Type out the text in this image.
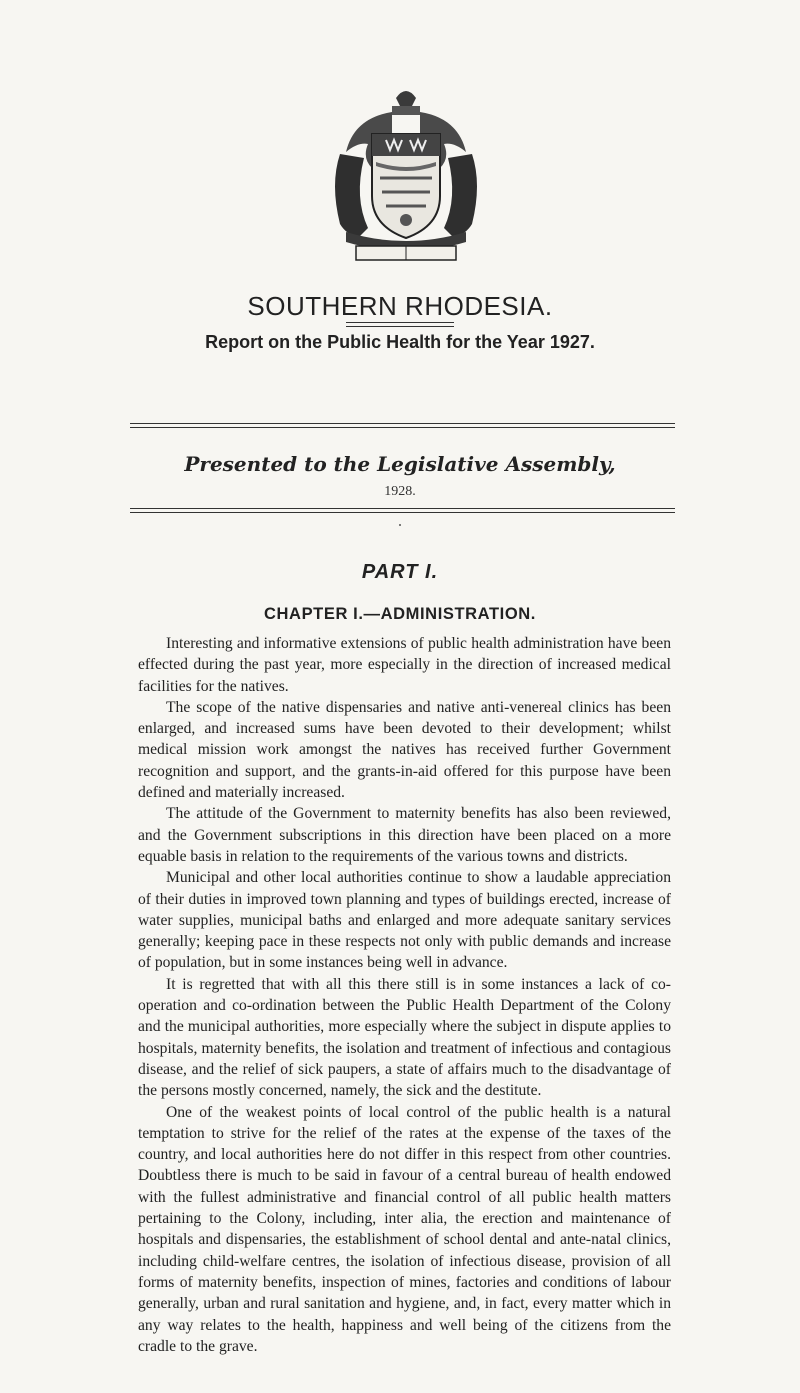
SOUTHERN RHODESIA.
Report on the Public Health for the Year 1927.
Presented to the Legislative Assembly,
1928.
PART I.
CHAPTER I.—ADMINISTRATION.

Interesting and informative extensions of public health administration have been effected during the past year, more especially in the direction of increased medical facilities for the natives.

The scope of the native dispensaries and native anti-venereal clinics has been enlarged, and increased sums have been devoted to their development; whilst medical mission work amongst the natives has received further Government recognition and support, and the grants-in-aid offered for this purpose have been defined and materially increased.

The attitude of the Government to maternity benefits has also been reviewed, and the Government subscriptions in this direction have been placed on a more equable basis in relation to the requirements of the various towns and districts.

Municipal and other local authorities continue to show a laudable appreciation of their duties in improved town planning and types of buildings erected, increase of water supplies, municipal baths and enlarged and more adequate sanitary services generally; keeping pace in these respects not only with public demands and increase of population, but in some instances being well in advance.

It is regretted that with all this there still is in some instances a lack of co-operation and co-ordination between the Public Health Department of the Colony and the municipal authorities, more especially where the subject in dispute applies to hospitals, maternity benefits, the isolation and treatment of infectious and contagious disease, and the relief of sick paupers, a state of affairs much to the disadvantage of the persons mostly concerned, namely, the sick and the destitute.

One of the weakest points of local control of the public health is a natural temptation to strive for the relief of the rates at the expense of the taxes of the country, and local authorities here do not differ in this respect from other countries. Doubtless there is much to be said in favour of a central bureau of health endowed with the fullest administrative and financial control of all public health matters pertaining to the Colony, including, inter alia, the erection and maintenance of hospitals and dispensaries, the establishment of school dental and ante-natal clinics, including child-welfare centres, the isolation of infectious disease, provision of all forms of maternity benefits, inspection of mines, factories and conditions of labour generally, urban and rural sanitation and hygiene, and, in fact, every matter which in any way relates to the health, happiness and well being of the citizens from the cradle to the grave.
